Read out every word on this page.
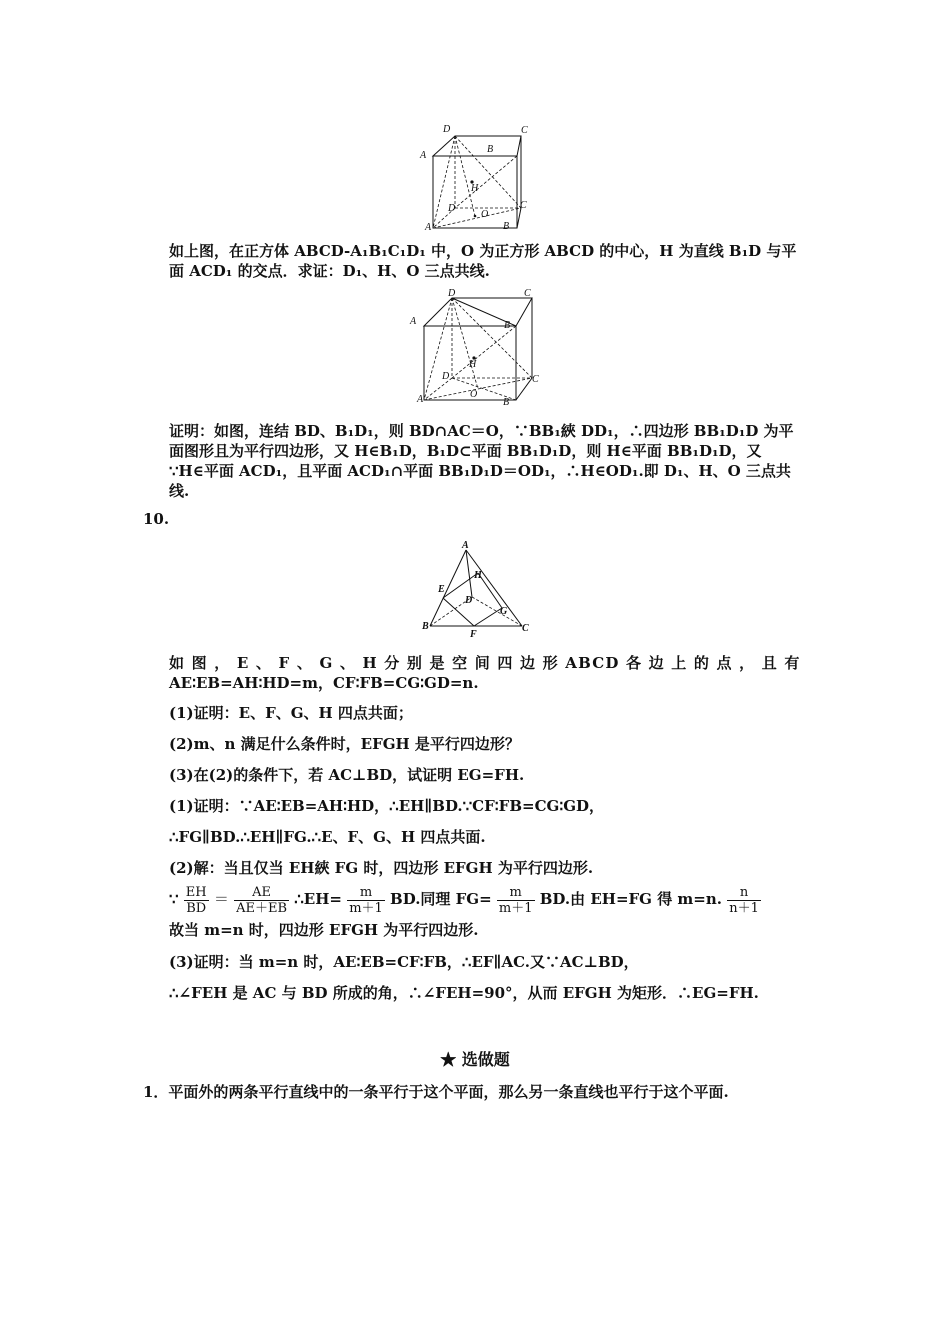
D	C
A
B
H
A
D
O
C
B
如上图，在正方体 ABCD-A₁B₁C₁D₁ 中，O 为正方形 ABCD 的中心，H 为直线 B₁D 与平
面 ACD₁ 的交点．求证：D₁、H、O 三点共线.
D	C
A	B
H
A
D
O
C
B
证明：如图，连结 BD、B₁D₁，则 BD∩AC＝O，∵BB₁綊 DD₁，∴四边形 BB₁D₁D 为平
面图形且为平行四边形，又 H∈B₁D，B₁D⊂平面 BB₁D₁D，则 H∈平面 BB₁D₁D，又
∵H∈平面 ACD₁，且平面 ACD₁∩平面 BB₁D₁D＝OD₁，∴H∈OD₁.即 D₁、H、O 三点共
线.
10.
A
H
E
D
G
B
F
C
如 图 ， E 、 F 、 G 、 H 分 别 是 空 间 四 边 形 ABCD 各 边 上 的 点 ， 且 有
AE∶EB=AH∶HD=m，CF∶FB=CG∶GD=n.
(1)证明：E、F、G、H 四点共面；
(2)m、n 满足什么条件时，EFGH 是平行四边形？
(3)在(2)的条件下，若 AC⊥BD，试证明 EG=FH.
(1)证明：∵AE∶EB=AH∶HD，∴EH∥BD.∵CF∶FB=CG∶GD，
∴FG∥BD.∴EH∥FG.∴E、F、G、H 四点共面.
(2)解：当且仅当 EH綊 FG 时，四边形 EFGH 为平行四边形.
∵ $\frac{EH}{BD} = \frac{AE}{AE+EB}$ ∴EH= $\frac{m}{m+1}$ BD.同理 $FG= \frac{m}{m+1}$ BD.由 EH=FG 得 m=n. $\frac{n}{n+1}$
故当 m=n 时，四边形 EFGH 为平行四边形.
(3)证明：当 m=n 时，AE∶EB=CF∶FB，∴EF∥AC.又∵AC⊥BD，
∴∠FEH 是 AC 与 BD 所成的角，∴∠FEH=90°，从而 EFGH 为矩形．∴EG=FH.
★ 选做题
1．平面外的两条平行直线中的一条平行于这个平面，那么另一条直线也平行于这个平面.
